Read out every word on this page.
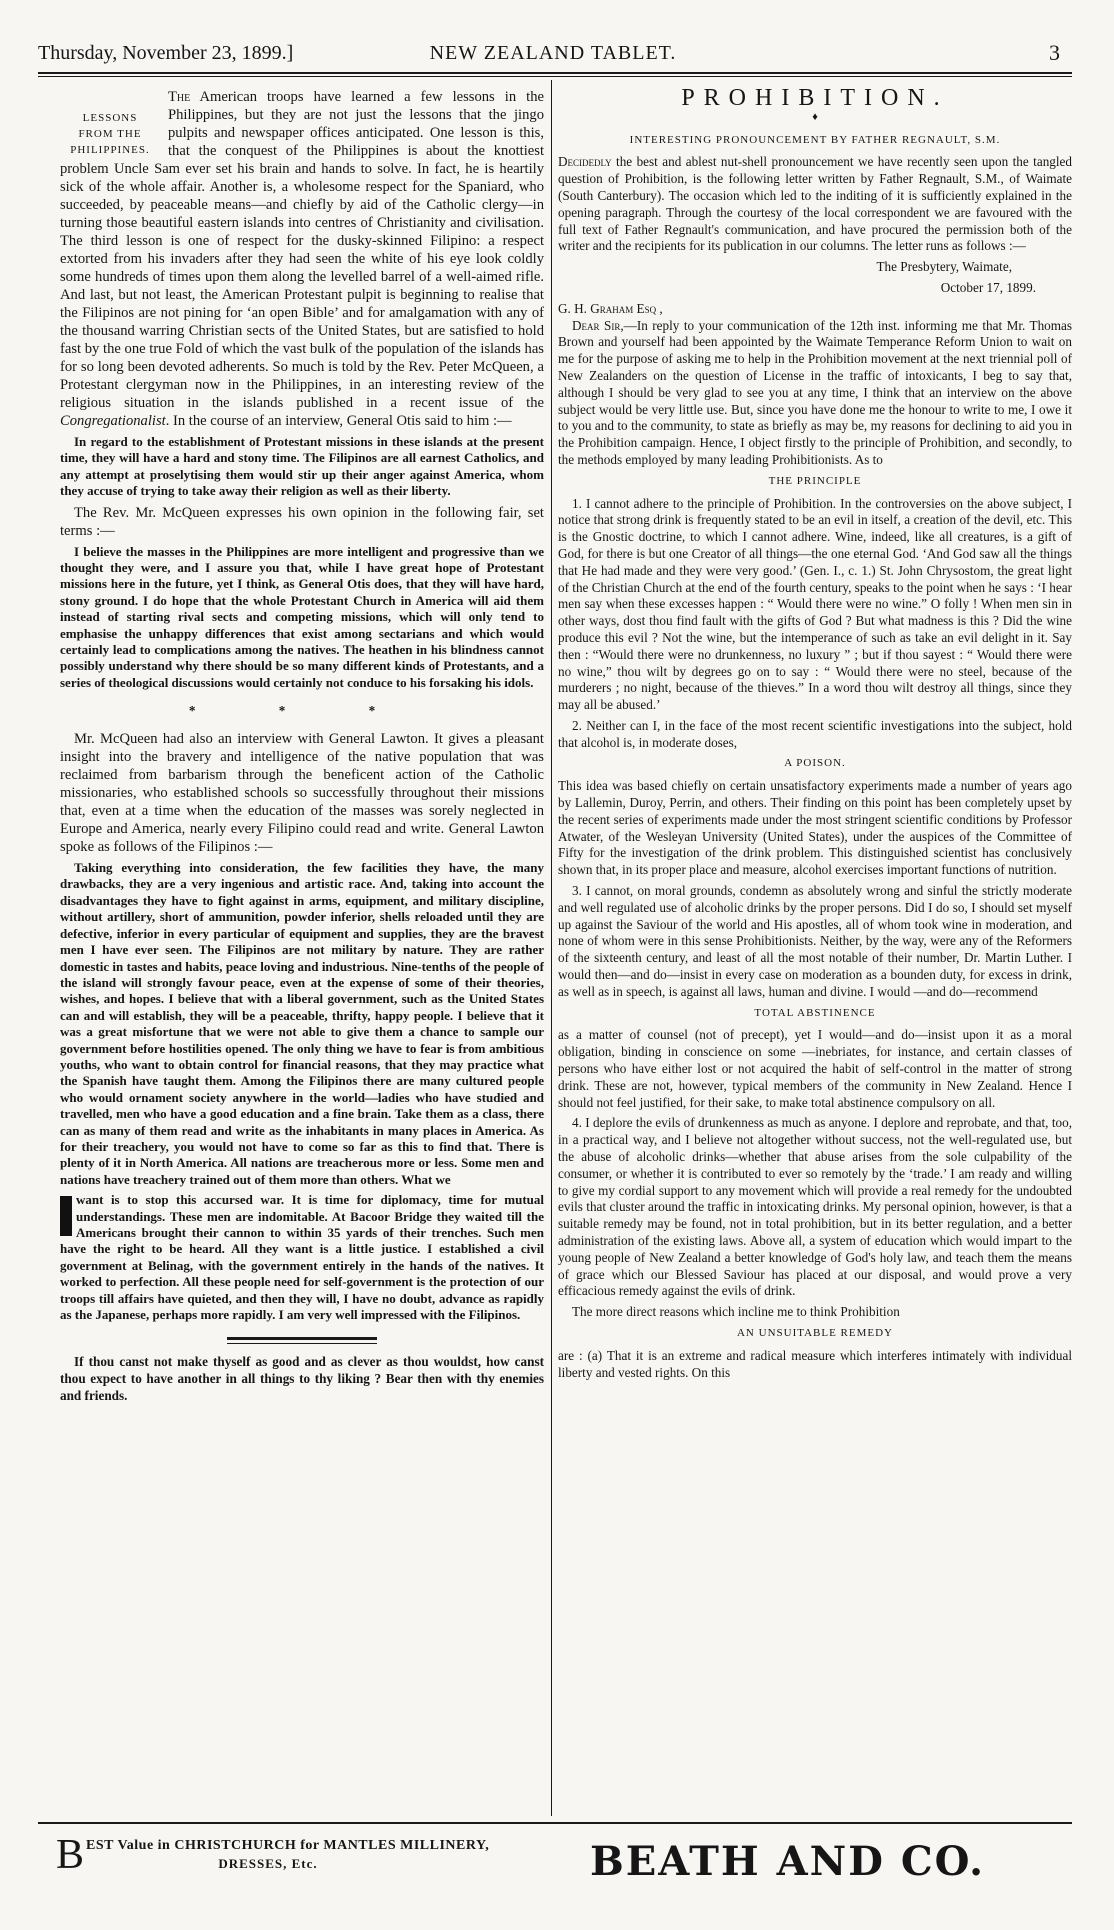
Thursday, November 23, 1899.]	NEW ZEALAND TABLET.	3
LESSONS
FROM THE
PHILIPPINES.

The American troops have learned a few lessons in the Philippines, but they are not just the lessons that the jingo pulpits and newspaper offices anticipated. One lesson is this, that the conquest of the Philippines is about the knottiest problem Uncle Sam ever set his brain and hands to solve. In fact, he is heartily sick of the whole affair. Another is, a wholesome respect for the Spaniard, who succeeded, by peaceable means—and chiefly by aid of the Catholic clergy—in turning those beautiful eastern islands into centres of Christianity and civilisation. The third lesson is one of respect for the dusky-skinned Filipino: a respect extorted from his invaders after they had seen the white of his eye look coldly some hundreds of times upon them along the levelled barrel of a well-aimed rifle. And last, but not least, the American Protestant pulpit is beginning to realise that the Filipinos are not pining for ‘an open Bible’ and for amalgamation with any of the thousand warring Christian sects of the United States, but are satisfied to hold fast by the one true Fold of which the vast bulk of the population of the islands has for so long been devoted adherents. So much is told by the Rev. Peter McQueen, a Protestant clergyman now in the Philippines, in an interesting review of the religious situation in the islands published in a recent issue of the Congregationalist. In the course of an interview, General Otis said to him :—

In regard to the establishment of Protestant missions in these islands at the present time, they will have a hard and stony time. The Filipinos are all earnest Catholics, and any attempt at proselytising them would stir up their anger against America, whom they accuse of trying to take away their religion as well as their liberty.

The Rev. Mr. McQueen expresses his own opinion in the following fair, set terms :—

I believe the masses in the Philippines are more intelligent and progressive than we thought they were, and I assure you that, while I have great hope of Protestant missions here in the future, yet I think, as General Otis does, that they will have hard, stony ground. I do hope that the whole Protestant Church in America will aid them instead of starting rival sects and competing missions, which will only tend to emphasise the unhappy differences that exist among sectarians and which would certainly lead to complications among the natives. The heathen in his blindness cannot possibly understand why there should be so many different kinds of Protestants, and a series of theological discussions would certainly not conduce to his forsaking his idols.

* * *

Mr. McQueen had also an interview with General Lawton. It gives a pleasant insight into the bravery and intelligence of the native population that was reclaimed from barbarism through the beneficent action of the Catholic missionaries, who established schools so successfully throughout their missions that, even at a time when the education of the masses was sorely neglected in Europe and America, nearly every Filipino could read and write. General Lawton spoke as follows of the Filipinos :—

Taking everything into consideration, the few facilities they have, the many drawbacks, they are a very ingenious and artistic race. And, taking into account the disadvantages they have to fight against in arms, equipment, and military discipline, without artillery, short of ammunition, powder inferior, shells reloaded until they are defective, inferior in every particular of equipment and supplies, they are the bravest men I have ever seen. The Filipinos are not military by nature. They are rather domestic in tastes and habits, peace loving and industrious. Nine-tenths of the people of the island will strongly favour peace, even at the expense of some of their theories, wishes, and hopes. I believe that with a liberal government, such as the United States can and will establish, they will be a peaceable, thrifty, happy people. I believe that it was a great misfortune that we were not able to give them a chance to sample our government before hostilities opened. The only thing we have to fear is from ambitious youths, who want to obtain control for financial reasons, that they may practice what the Spanish have taught them. Among the Filipinos there are many cultured people who would ornament society anywhere in the world—ladies who have studied and travelled, men who have a good education and a fine brain. Take them as a class, there can as many of them read and write as the inhabitants in many places in America. As for their treachery, you would not have to come so far as this to find that. There is plenty of it in North America. All nations are treacherous more or less. Some men and nations have treachery trained out of them more than others. What we

want is to stop this accursed war. It is time for diplomacy, time for mutual understandings. These men are indomitable. At Bacoor Bridge they waited till the Americans brought their cannon to within 35 yards of their trenches. Such men have the right to be heard. All they want is a little justice. I established a civil government at Belinag, with the government entirely in the hands of the natives. It worked to perfection. All these people need for self-government is the protection of our troops till affairs have quieted, and then they will, I have no doubt, advance as rapidly as the Japanese, perhaps more rapidly. I am very well impressed with the Filipinos.

If thou canst not make thyself as good and as clever as thou wouldst, how canst thou expect to have another in all things to thy liking ? Bear then with thy enemies and friends.

PROHIBITION.
♦
INTERESTING PRONOUNCEMENT BY FATHER REGNAULT, S.M.

Decidedly the best and ablest nut-shell pronouncement we have recently seen upon the tangled question of Prohibition, is the following letter written by Father Regnault, S.M., of Waimate (South Canterbury). The occasion which led to the inditing of it is sufficiently explained in the opening paragraph. Through the courtesy of the local correspondent we are favoured with the full text of Father Regnault's communication, and have procured the permission both of the writer and the recipients for its publication in our columns. The letter runs as follows :—

The Presbytery, Waimate,

October 17, 1899.

G. H. Graham Esq ,

Dear Sir,—In reply to your communication of the 12th inst. informing me that Mr. Thomas Brown and yourself had been appointed by the Waimate Temperance Reform Union to wait on me for the purpose of asking me to help in the Prohibition movement at the next triennial poll of New Zealanders on the question of License in the traffic of intoxicants, I beg to say that, although I should be very glad to see you at any time, I think that an interview on the above subject would be very little use. But, since you have done me the honour to write to me, I owe it to you and to the community, to state as briefly as may be, my reasons for declining to aid you in the Prohibition campaign. Hence, I object firstly to the principle of Prohibition, and secondly, to the methods employed by many leading Prohibitionists. As to

THE PRINCIPLE

1. I cannot adhere to the principle of Prohibition. In the controversies on the above subject, I notice that strong drink is frequently stated to be an evil in itself, a creation of the devil, etc. This is the Gnostic doctrine, to which I cannot adhere. Wine, indeed, like all creatures, is a gift of God, for there is but one Creator of all things—the one eternal God. ‘And God saw all the things that He had made and they were very good.’ (Gen. I., c. 1.) St. John Chrysostom, the great light of the Christian Church at the end of the fourth century, speaks to the point when he says : ‘I hear men say when these excesses happen : “ Would there were no wine.” O folly ! When men sin in other ways, dost thou find fault with the gifts of God ? But what madness is this ? Did the wine produce this evil ? Not the wine, but the intemperance of such as take an evil delight in it. Say then : “Would there were no drunkenness, no luxury ” ; but if thou sayest : “ Would there were no wine,” thou wilt by degrees go on to say : “ Would there were no steel, because of the murderers ; no night, because of the thieves.” In a word thou wilt destroy all things, since they may all be abused.’

2. Neither can I, in the face of the most recent scientific investigations into the subject, hold that alcohol is, in moderate doses,

A POISON.

This idea was based chiefly on certain unsatisfactory experiments made a number of years ago by Lallemin, Duroy, Perrin, and others. Their finding on this point has been completely upset by the recent series of experiments made under the most stringent scientific conditions by Professor Atwater, of the Wesleyan University (United States), under the auspices of the Committee of Fifty for the investigation of the drink problem. This distinguished scientist has conclusively shown that, in its proper place and measure, alcohol exercises important functions of nutrition.

3. I cannot, on moral grounds, condemn as absolutely wrong and sinful the strictly moderate and well regulated use of alcoholic drinks by the proper persons. Did I do so, I should set myself up against the Saviour of the world and His apostles, all of whom took wine in moderation, and none of whom were in this sense Prohibitionists. Neither, by the way, were any of the Reformers of the sixteenth century, and least of all the most notable of their number, Dr. Martin Luther. I would then—and do—insist in every case on moderation as a bounden duty, for excess in drink, as well as in speech, is against all laws, human and divine. I would —and do—recommend

TOTAL ABSTINENCE

as a matter of counsel (not of precept), yet I would—and do—insist upon it as a moral obligation, binding in conscience on some —inebriates, for instance, and certain classes of persons who have either lost or not acquired the habit of self-control in the matter of strong drink. These are not, however, typical members of the community in New Zealand. Hence I should not feel justified, for their sake, to make total abstinence compulsory on all.

4. I deplore the evils of drunkenness as much as anyone. I deplore and reprobate, and that, too, in a practical way, and I believe not altogether without success, not the well-regulated use, but the abuse of alcoholic drinks—whether that abuse arises from the sole culpability of the consumer, or whether it is contributed to ever so remotely by the ‘trade.’ I am ready and willing to give my cordial support to any movement which will provide a real remedy for the undoubted evils that cluster around the traffic in intoxicating drinks. My personal opinion, however, is that a suitable remedy may be found, not in total prohibition, but in its better regulation, and a better administration of the existing laws. Above all, a system of education which would impart to the young people of New Zealand a better knowledge of God's holy law, and teach them the means of grace which our Blessed Saviour has placed at our disposal, and would prove a very efficacious remedy against the evils of drink.

The more direct reasons which incline me to think Prohibition

AN UNSUITABLE REMEDY

are : (a) That it is an extreme and radical measure which interferes intimately with individual liberty and vested rights. On this

B EST Value in CHRISTCHURCH for MANTLES MILLINERY,
DRESSES, Etc.	BEATH AND CO.
